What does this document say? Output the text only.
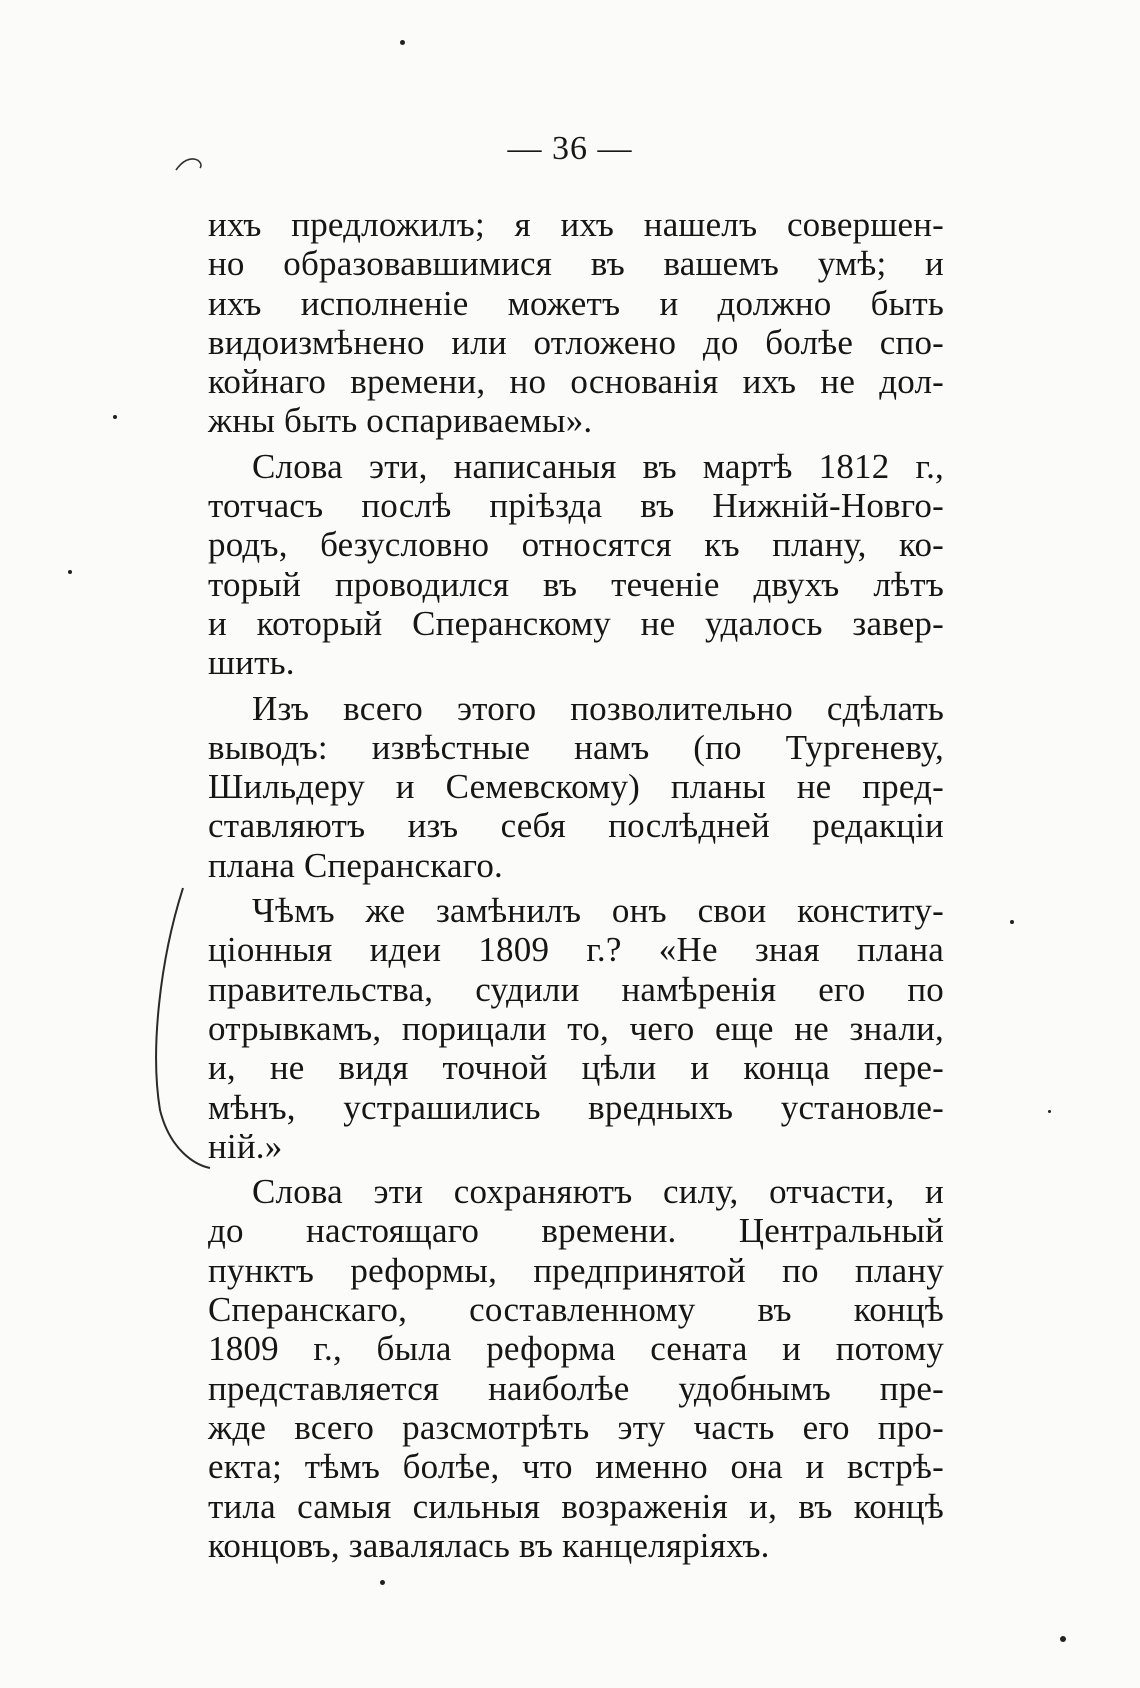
— 36 —
ихъ предложилъ; я ихъ нашелъ совершен-
но образовавшимися въ вашемъ умѣ; и
ихъ исполненіе можетъ и должно быть
видоизмѣнено или отложено до болѣе спо-
койнаго времени, но основанія ихъ не дол-
жны быть оспариваемы».
Слова эти, написаныя въ мартѣ 1812 г.,
тотчасъ послѣ пріѣзда въ Нижній-Новго-
родъ, безусловно относятся къ плану, ко-
торый проводился въ теченіе двухъ лѣтъ
и который Сперанскому не удалось завер-
шить.
Изъ всего этого позволительно сдѣлать
выводъ: извѣстные намъ (по Тургеневу,
Шильдеру и Семевскому) планы не пред-
ставляютъ изъ себя послѣдней редакціи
плана Сперанскаго.
Чѣмъ же замѣнилъ онъ свои конститу-
ціонныя идеи 1809 г.? «Не зная плана
правительства, судили намѣренія его по
отрывкамъ, порицали то, чего еще не знали,
и, не видя точной цѣли и конца пере-
мѣнъ, устрашились вредныхъ установле-
ній.»
Слова эти сохраняютъ силу, отчасти, и
до настоящаго времени. Центральный
пунктъ реформы, предпринятой по плану
Сперанскаго, составленному въ концѣ
1809 г., была реформа сената и потому
представляется наиболѣе удобнымъ пре-
жде всего разсмотрѣть эту часть его про-
екта; тѣмъ болѣе, что именно она и встрѣ-
тила самыя сильныя возраженія и, въ концѣ
концовъ, завалялась въ канцеляріяхъ.
